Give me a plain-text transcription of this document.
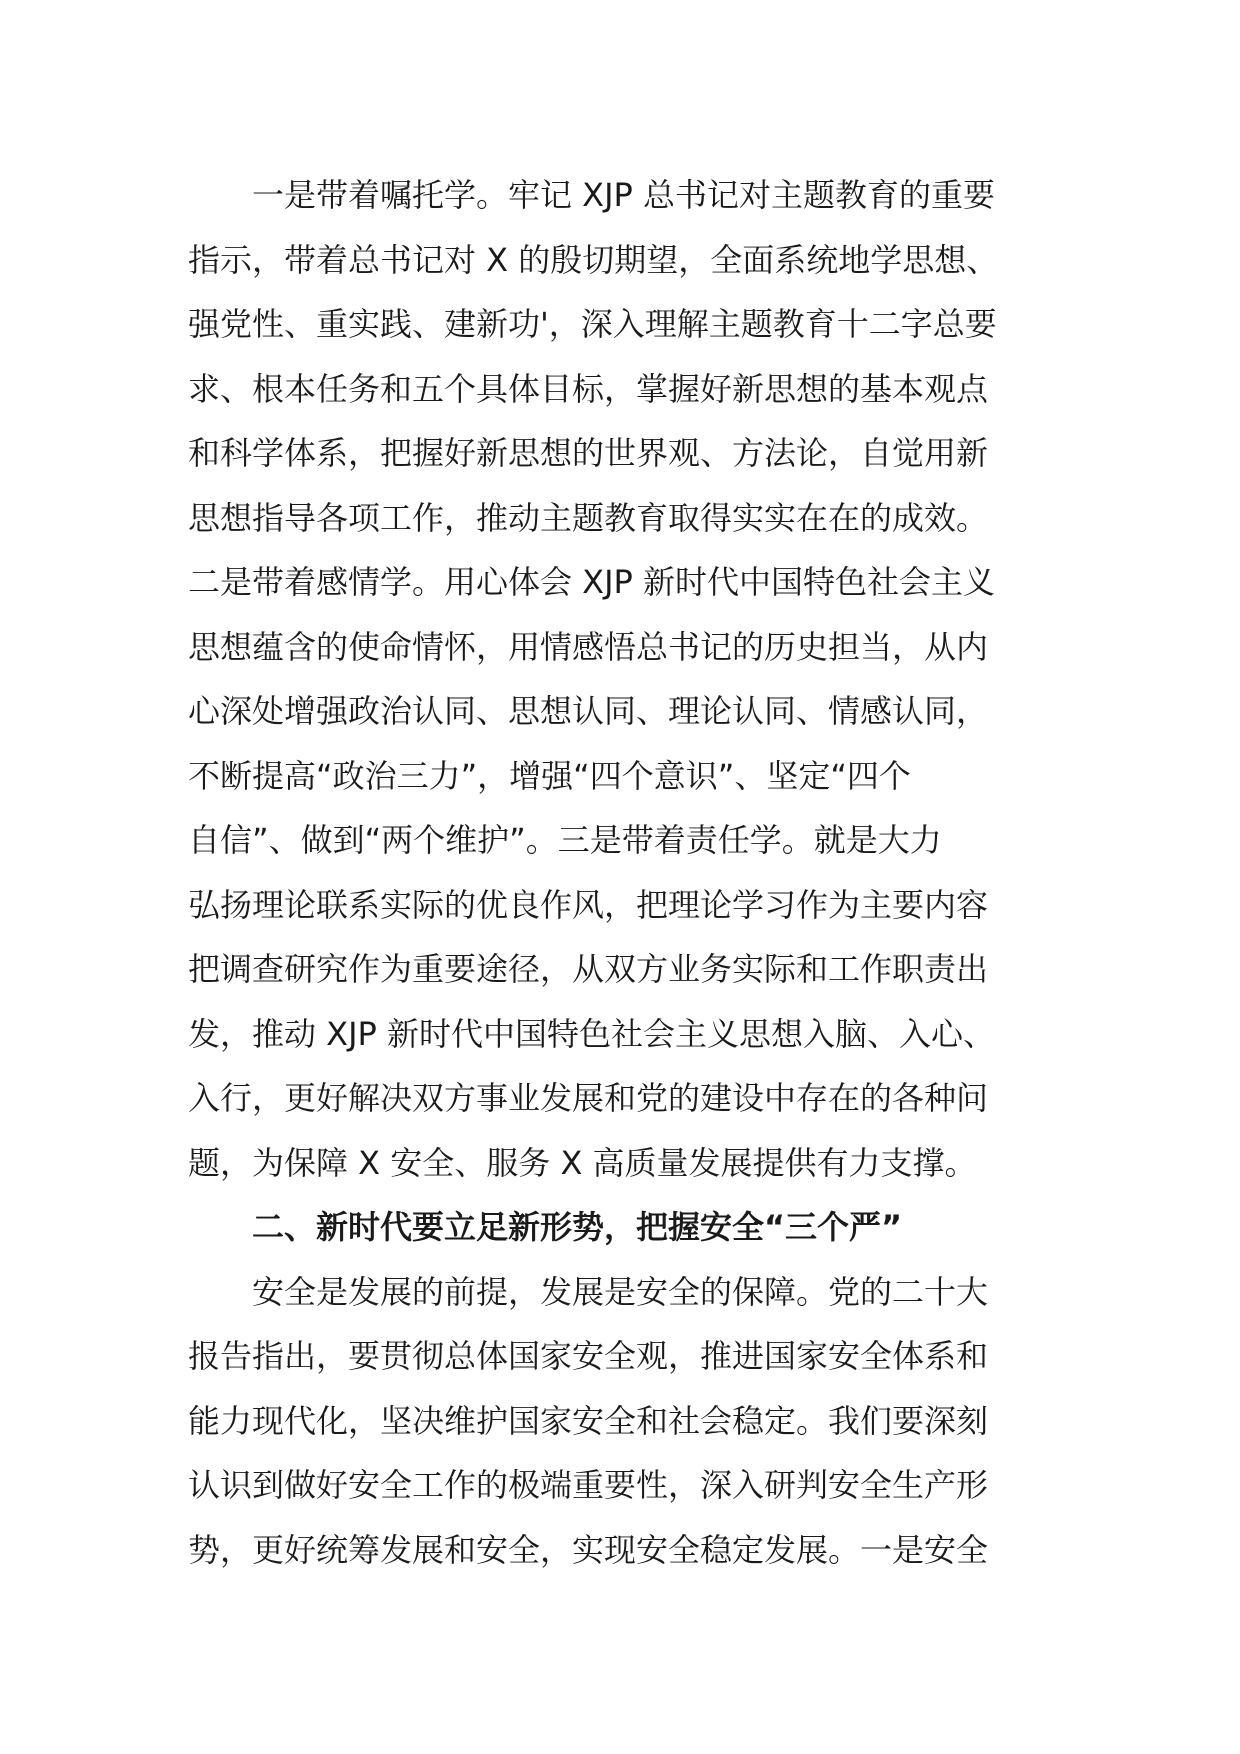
　　一是带着嘱托学。牢记 XJP 总书记对主题教育的重要
指示，带着总书记对 X 的殷切期望，全面系统地学思想、
强党性、重实践、建新功'，深入理解主题教育十二字总要
求、根本任务和五个具体目标，掌握好新思想的基本观点
和科学体系，把握好新思想的世界观、方法论，自觉用新
思想指导各项工作，推动主题教育取得实实在在的成效。
二是带着感情学。用心体会 XJP 新时代中国特色社会主义
思想蕴含的使命情怀，用情感悟总书记的历史担当，从内
心深处增强政治认同、思想认同、理论认同、情感认同，
不断提高“政治三力”，增强“四个意识”、坚定“四个
自信”、做到“两个维护”。三是带着责任学。就是大力
弘扬理论联系实际的优良作风，把理论学习作为主要内容
把调查研究作为重要途径，从双方业务实际和工作职责出
发，推动 XJP 新时代中国特色社会主义思想入脑、入心、
入行，更好解决双方事业发展和党的建设中存在的各种问
题，为保障 X 安全、服务 X 高质量发展提供有力支撑。
　　二、新时代要立足新形势，把握安全“三个严”
　　安全是发展的前提，发展是安全的保障。党的二十大
报告指出，要贯彻总体国家安全观，推进国家安全体系和
能力现代化，坚决维护国家安全和社会稳定。我们要深刻
认识到做好安全工作的极端重要性，深入研判安全生产形
势，更好统筹发展和安全，实现安全稳定发展。一是安全
